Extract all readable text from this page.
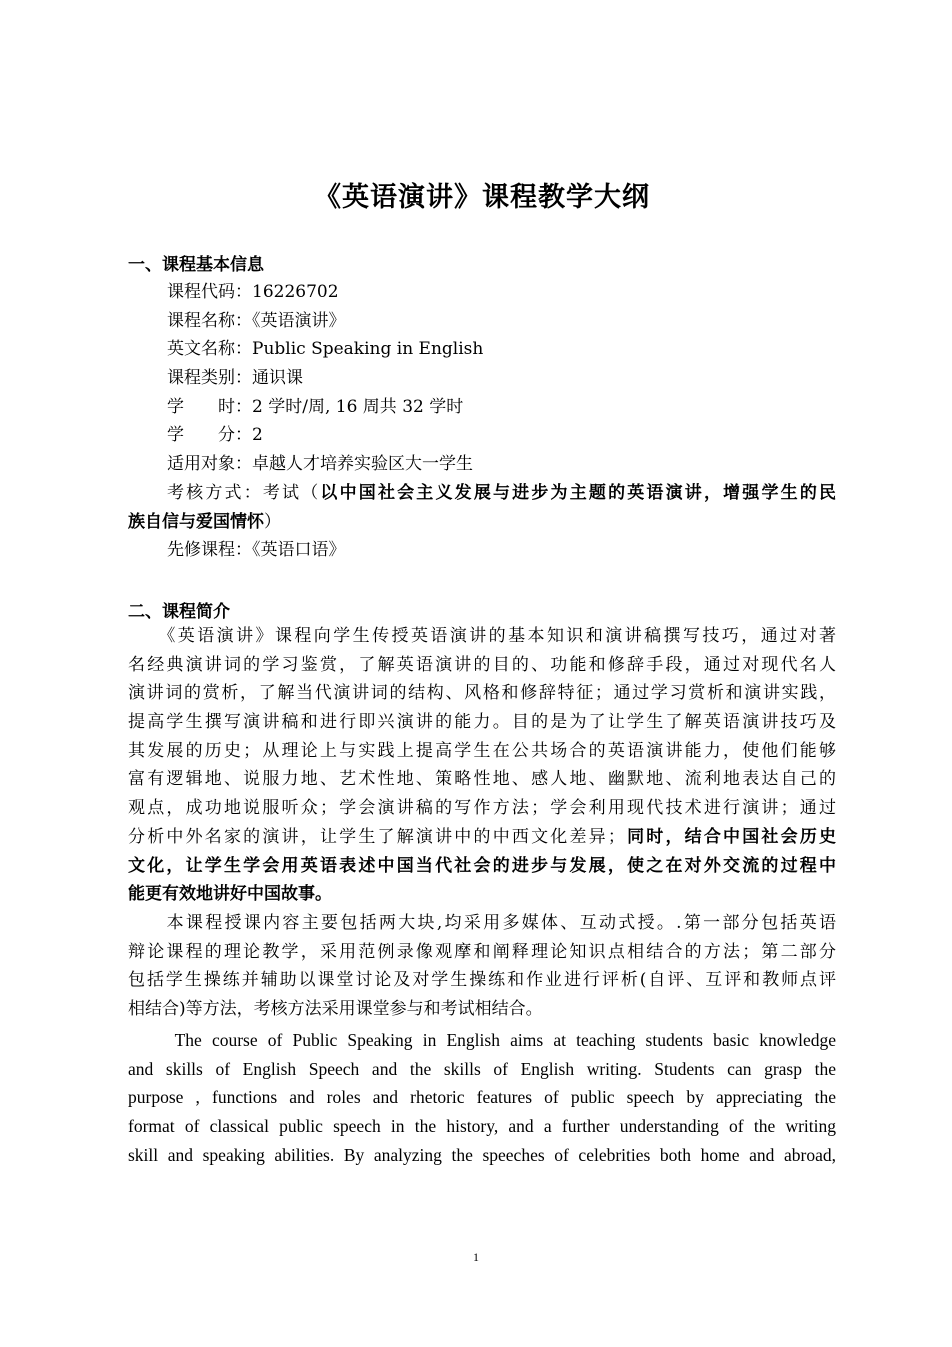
《英语演讲》课程教学大纲
一、课程基本信息
课程代码：16226702
课程名称：《英语演讲》
英文名称：Public Speaking in English
课程类别：通识课
学　　时：2 学时/周, 16 周共 32 学时
学　　分：2
适用对象：卓越人才培养实验区大一学生
考核方式：考试（以中国社会主义发展与进步为主题的英语演讲，增强学生的民
族自信与爱国情怀）
先修课程：《英语口语》
二、课程简介
　　《英语演讲》课程向学生传授英语演讲的基本知识和演讲稿撰写技巧，通过对著
名经典演讲词的学习鉴赏，了解英语演讲的目的、功能和修辞手段，通过对现代名人
演讲词的赏析，了解当代演讲词的结构、风格和修辞特征；通过学习赏析和演讲实践，
提高学生撰写演讲稿和进行即兴演讲的能力。目的是为了让学生了解英语演讲技巧及
其发展的历史；从理论上与实践上提高学生在公共场合的英语演讲能力，使他们能够
富有逻辑地、说服力地、艺术性地、策略性地、感人地、幽默地、流利地表达自己的
观点，成功地说服听众；学会演讲稿的写作方法；学会利用现代技术进行演讲；通过
分析中外名家的演讲，让学生了解演讲中的中西文化差异；同时，结合中国社会历史
文化，让学生学会用英语表述中国当代社会的进步与发展，使之在对外交流的过程中
能更有效地讲好中国故事。
　　本课程授课内容主要包括两大块,均采用多媒体、互动式授。.第一部分包括英语
辩论课程的理论教学，采用范例录像观摩和阐释理论知识点相结合的方法；第二部分
包括学生操练并辅助以课堂讨论及对学生操练和作业进行评析(自评、互评和教师点评
相结合)等方法，考核方法采用课堂参与和考试相结合。
　　The course of Public Speaking in English aims at teaching students basic knowledge
and skills of English Speech and the skills of English writing. Students can grasp the
purpose , functions and roles and rhetoric features of public speech by appreciating the
format of classical public speech in the history, and a further understanding of the writing
skill and speaking abilities. By analyzing the speeches of celebrities both home and abroad,
1
